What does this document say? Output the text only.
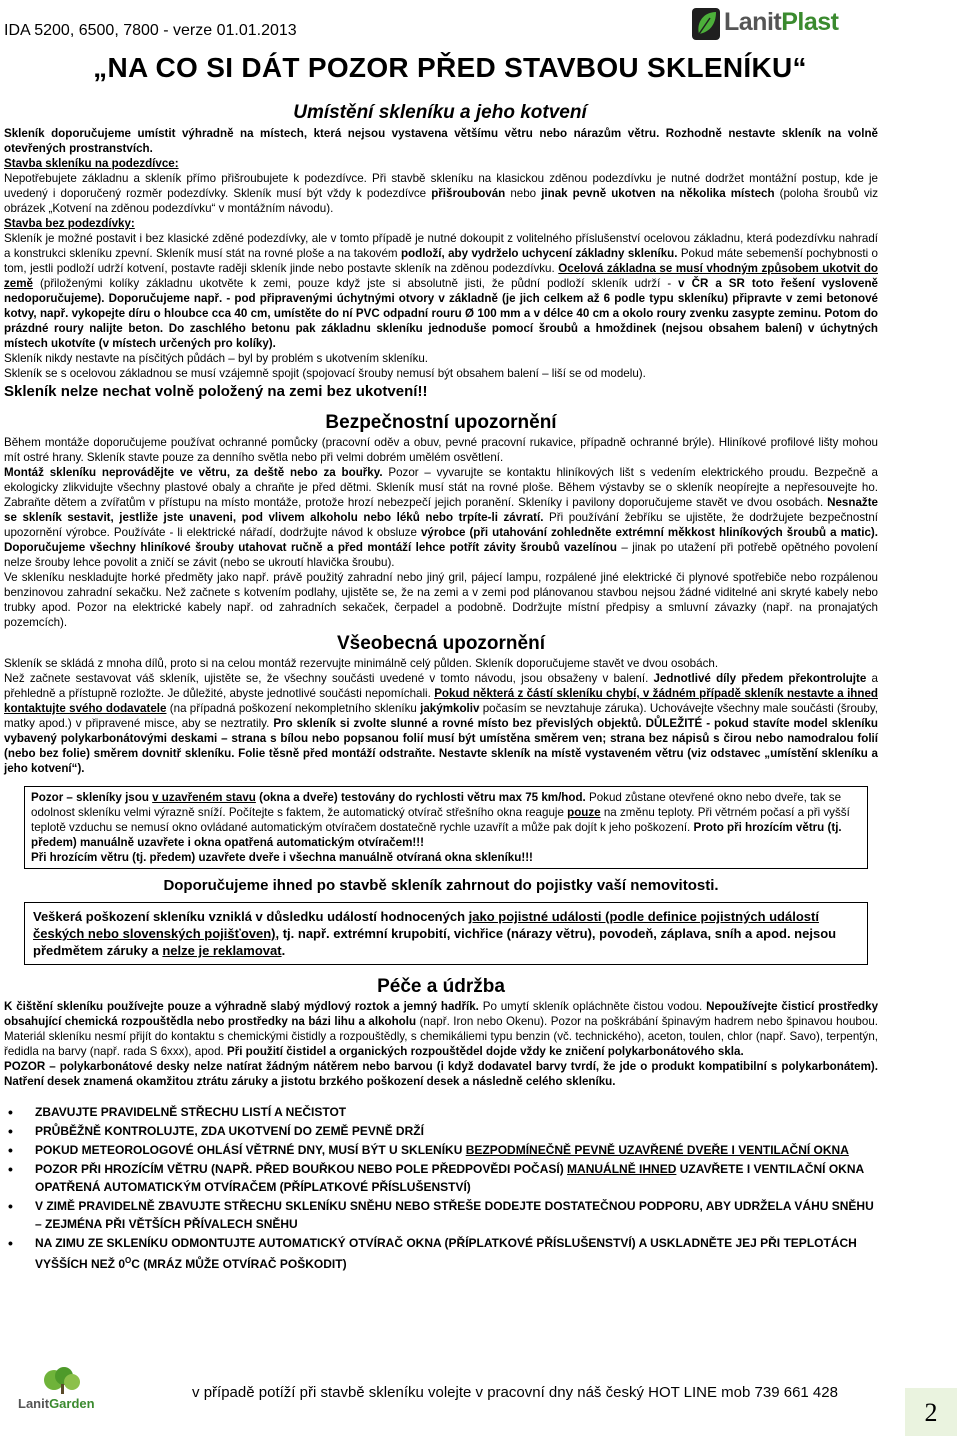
IDA 5200, 6500, 7800 - verze 01.01.2013	LanitPlast
„NA CO SI DÁT POZOR PŘED STAVBOU SKLENÍKU“
Umístění skleníku a jeho kotvení

Skleník doporučujeme umístit výhradně na místech, která nejsou vystavena většímu větru nebo nárazům větru. Rozhodně nestavte skleník na volně otevřených prostranstvích.

Stavba skleníku na podezdívce:

Nepotřebujete základnu a skleník přímo přišroubujete k podezdívce. Při stavbě skleníku na klasickou zděnou podezdívku je nutné dodržet montážní postup, kde je uvedený i doporučený rozměr podezdívky. Skleník musí být vždy k podezdívce přišroubován nebo jinak pevně ukotven na několika místech (poloha šroubů viz obrázek „Kotvení na zděnou podezdívku“ v montážním návodu).

Stavba bez podezdívky:

Skleník je možné postavit i bez klasické zděné podezdívky, ale v tomto případě je nutné dokoupit z volitelného příslušenství ocelovou základnu, která podezdívku nahradí a konstrukci skleníku zpevní. Skleník musí stát na rovné ploše a na takovém podloží, aby vydrželo uchycení základny skleníku. Pokud máte sebemenší pochybnosti o tom, jestli podloží udrží kotvení, postavte raději skleník jinde nebo postavte skleník na zděnou podezdívku. Ocelová základna se musí vhodným způsobem ukotvit do země (přiloženými kolíky základnu ukotvěte k zemi, pouze když jste si absolutně jisti, že půdní podloží skleník udrží - v ČR a SR toto řešení vysloveně nedoporučujeme). Doporučujeme např. - pod připravenými úchytnými otvory v základně (je jich celkem až 6 podle typu skleníku) připravte v zemi betonové kotvy, např. vykopejte díru o hloubce cca 40 cm, umístěte do ní PVC odpadní rouru Ø 100 mm a v délce 40 cm a okolo roury zvenku zasypte zeminu. Potom do prázdné roury nalijte beton. Do zaschlého betonu pak základnu skleníku jednoduše pomocí šroubů a hmoždinek (nejsou obsahem balení) v úchytných místech ukotvíte (v místech určených pro kolíky).

Skleník nikdy nestavte na písčitých půdách – byl by problém s ukotvením skleníku.

Skleník se s ocelovou základnou se musí vzájemně spojit (spojovací šrouby nemusí být obsahem balení – liší se od modelu).

Skleník nelze nechat volně položený na zemi bez ukotvení!!

Bezpečnostní upozornění

Během montáže doporučujeme používat ochranné pomůcky (pracovní oděv a obuv, pevné pracovní rukavice, případně ochranné brýle). Hliníkové profilové lišty mohou mít ostré hrany. Skleník stavte pouze za denního světla nebo při velmi dobrém umělém osvětlení.

Montáž skleníku neprovádějte ve větru, za deště nebo za bouřky. Pozor – vyvarujte se kontaktu hliníkových lišt s vedením elektrického proudu. Bezpečně a ekologicky zlikvidujte všechny plastové obaly a chraňte je před dětmi. Skleník musí stát na rovné ploše. Během výstavby se o skleník neopírejte a nepřesouvejte ho. Zabraňte dětem a zvířatům v přístupu na místo montáže, protože hrozí nebezpečí jejich poranění. Skleníky i pavilony doporučujeme stavět ve dvou osobách. Nesnažte se skleník sestavit, jestliže jste unaveni, pod vlivem alkoholu nebo léků nebo trpíte-li závratí. Při používání žebříku se ujistěte, že dodržujete bezpečnostní upozornění výrobce. Používáte - li elektrické nářadí, dodržujte návod k obsluze výrobce (při utahování zohledněte extrémní měkkost hliníkových šroubů a matic). Doporučujeme všechny hliníkové šrouby utahovat ručně a před montáží lehce potřít závity šroubů vazelínou – jinak po utažení při potřebě opětného povolení nelze šrouby lehce povolit a zničí se závit (nebo se ukroutí hlavička šroubu).

Ve skleníku neskladujte horké předměty jako např. právě použitý zahradní nebo jiný gril, pájecí lampu, rozpálené jiné elektrické či plynové spotřebiče nebo rozpálenou benzinovou zahradní sekačku. Než začnete s kotvením podlahy, ujistěte se, že na zemi a v zemi pod plánovanou stavbou nejsou žádné viditelné ani skryté kabely nebo trubky apod. Pozor na elektrické kabely např. od zahradních sekaček, čerpadel a podobně. Dodržujte místní předpisy a smluvní závazky (např. na pronajatých pozemcích).

Všeobecná upozornění

Skleník se skládá z mnoha dílů, proto si na celou montáž rezervujte minimálně celý půlden. Skleník doporučujeme stavět ve dvou osobách.

Než začnete sestavovat váš skleník, ujistěte se, že všechny součásti uvedené v tomto návodu, jsou obsaženy v balení. Jednotlivé díly předem překontrolujte a přehledně a přístupně rozložte. Je důležité, abyste jednotlivé součásti nepomíchali. Pokud některá z částí skleníku chybí, v žádném případě skleník nestavte a ihned kontaktujte svého dodavatele (na případná poškození nekompletního skleníku jakýmkoliv počasím se nevztahuje záruka). Uchovávejte všechny male součásti (šrouby, matky apod.) v připravené misce, aby se neztratily. Pro skleník si zvolte slunné a rovné místo bez převislých objektů. DŮLEŽITÉ - pokud stavíte model skleníku vybavený polykarbonátovými deskami – strana s bílou nebo popsanou folií musí být umístěna směrem ven; strana bez nápisů s čirou nebo namodralou folií (nebo bez folie) směrem dovnitř skleníku. Folie těsně před montáží odstraňte. Nestavte skleník na místě vystaveném větru (viz odstavec „umístění skleníku a jeho kotvení“).

Pozor – skleníky jsou v uzavřeném stavu (okna a dveře) testovány do rychlosti větru max 75 km/hod. Pokud zůstane otevřené okno nebo dveře, tak se odolnost skleníku velmi výrazně sníží. Počítejte s faktem, že automatický otvírač střešního okna reaguje pouze na změnu teploty. Při větrném počasí a při vyšší teplotě vzduchu se nemusí okno ovládané automatickým otvíračem dostatečně rychle uzavřít a může pak dojít k jeho poškození. Proto při hrozícím větru (tj. předem) manuálně uzavřete i okna opatřená automatickým otvíračem!!!
Při hrozícím větru (tj. předem) uzavřete dveře i všechna manuálně otvíraná okna skleníku!!!

Doporučujeme ihned po stavbě skleník zahrnout do pojistky vaší nemovitosti.

Veškerá poškození skleníku vzniklá v důsledku událostí hodnocených jako pojistné události (podle definice pojistných událostí českých nebo slovenských pojišťoven), tj. např. extrémní krupobití, vichřice (nárazy větru), povodeň, záplava, sníh a apod. nejsou předmětem záruky a nelze je reklamovat.

Péče a údržba

K čištění skleníku používejte pouze a výhradně slabý mýdlový roztok a jemný hadřík. Po umytí skleník opláchněte čistou vodou. Nepoužívejte čisticí prostředky obsahující chemická rozpouštědla nebo prostředky na bázi lihu a alkoholu (např. Iron nebo Okenu). Pozor na poškrábání špinavým hadrem nebo špinavou houbou. Materiál skleníku nesmí přijít do kontaktu s chemickými čistidly a rozpouštědly, s chemikáliemi typu benzin (vč. technického), aceton, toulen, chlor (např. Savo), terpentýn, ředidla na barvy (např. rada S 6xxx), apod. Při použití čistidel a organických rozpouštědel dojde vždy ke zničení polykarbonátového skla.

POZOR – polykarbonátové desky nelze natírat žádným nátěrem nebo barvou (i když dodavatel barvy tvrdí, že jde o produkt kompatibilní s polykarbonátem). Natření desek znamená okamžitou ztrátu záruky a jistotu brzkého poškození desek a následně celého skleníku.

• ZBAVUJTE PRAVIDELNĚ STŘECHU LISTÍ A NEČISTOT
• PRŮBĚŽNĚ KONTROLUJTE, ZDA UKOTVENÍ DO ZEMĚ PEVNĚ DRŽÍ
• POKUD METEOROLOGOVÉ OHLÁSÍ VĚTRNÉ DNY, MUSÍ BÝT U SKLENÍKU BEZPODMÍNEČNĚ PEVNĚ UZAVŘENÉ DVEŘE I VENTILAČNÍ OKNA
• POZOR PŘI HROZÍCÍM VĚTRU (NAPŘ. PŘED BOUŘKOU NEBO POLE PŘEDPOVĚDI POČASÍ) MANUÁLNĚ IHNED UZAVŘETE I VENTILAČNÍ OKNA OPATŘENÁ AUTOMATICKÝM OTVÍRAČEM (PŘÍPLATKOVÉ PŘÍSLUŠENSTVÍ)
• V ZIMĚ PRAVIDELNĚ ZBAVUJTE STŘECHU SKLENÍKU SNĚHU NEBO STŘEŠE DODEJTE DOSTATEČNOU PODPORU, ABY UDRŽELA VÁHU SNĚHU – ZEJMÉNA PŘI VĚTŠÍCH PŘÍVALECH SNĚHU
• NA ZIMU ZE SKLENÍKU ODMONTUJTE AUTOMATICKÝ OTVÍRAČ OKNA (PŘÍPLATKOVÉ PŘÍSLUŠENSTVÍ) A USKLADNĚTE JEJ PŘI TEPLOTÁCH VYŠŠÍCH NEŽ $0^OC$ (MRÁZ MŮŽE OTVÍRAČ POŠKODIT)
LanitGarden
v případě potíží při stavbě skleníku volejte v pracovní dny náš český HOT LINE mob 739 661 428
2
